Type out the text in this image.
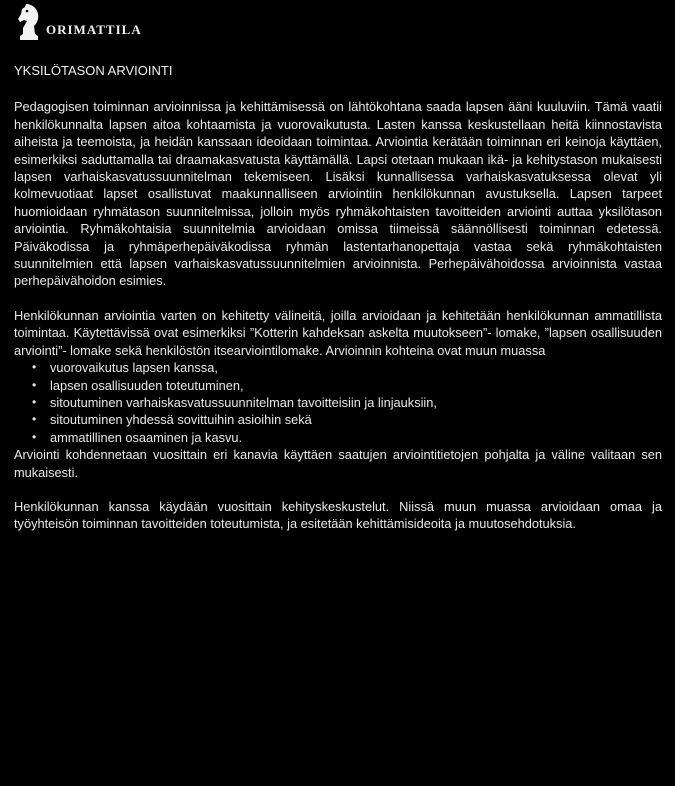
ORIMATTILA
YKSILÖTASON ARVIOINTI

Pedagogisen toiminnan arvioinnissa ja kehittämisessä on lähtökohtana saada lapsen ääni kuuluviin. Tämä vaatii henkilökunnalta lapsen aitoa kohtaamista ja vuorovaikutusta. Lasten kanssa keskustellaan heitä kiinnostavista aiheista ja teemoista, ja heidän kanssaan ideoidaan toimintaa. Arviointia kerätään toiminnan eri keinoja käyttäen, esimerkiksi saduttamalla tai draamakasvatusta käyttämällä. Lapsi otetaan mukaan ikä- ja kehitystason mukaisesti lapsen varhaiskasvatussuunnitelman tekemiseen. Lisäksi kunnallisessa varhaiskasvatuksessa olevat yli kolmevuotiaat lapset osallistuvat maakunnalliseen arviointiin henkilökunnan avustuksella. Lapsen tarpeet huomioidaan ryhmätason suunnitelmissa, jolloin myös ryhmäkohtaisten tavoitteiden arviointi auttaa yksilötason arviointia. Ryhmäkohtaisia suunnitelmia arvioidaan omissa tiimeissä säännöllisesti toiminnan edetessä. Päiväkodissa ja ryhmäperhepäiväkodissa ryhmän lastentarhanopettaja vastaa sekä ryhmäkohtaisten suunnitelmien että lapsen varhaiskasvatussuunnitelmien arvioinnista. Perhepäivähoidossa arvioinnista vastaa perhepäivähoidon esimies.

Henkilökunnan arviointia varten on kehitetty välineitä, joilla arvioidaan ja kehitetään henkilökunnan ammatillista toimintaa. Käytettävissä ovat esimerkiksi ”Kotterin kahdeksan askelta muutokseen”- lomake, ”lapsen osallisuuden arviointi”- lomake sekä henkilöstön itsearviointilomake. Arvioinnin kohteina ovat muun muassa

• vuorovaikutus lapsen kanssa,
• lapsen osallisuuden toteutuminen,
• sitoutuminen varhaiskasvatussuunnitelman tavoitteisiin ja linjauksiin,
• sitoutuminen yhdessä sovittuihin asioihin sekä
• ammatillinen osaaminen ja kasvu.

Arviointi kohdennetaan vuosittain eri kanavia käyttäen saatujen arviointitietojen pohjalta ja väline valitaan sen mukaisesti.

Henkilökunnan kanssa käydään vuosittain kehityskeskustelut. Niissä muun muassa arvioidaan omaa ja työyhteisön toiminnan tavoitteiden toteutumista, ja esitetään kehittämisideoita ja muutosehdotuksia.
